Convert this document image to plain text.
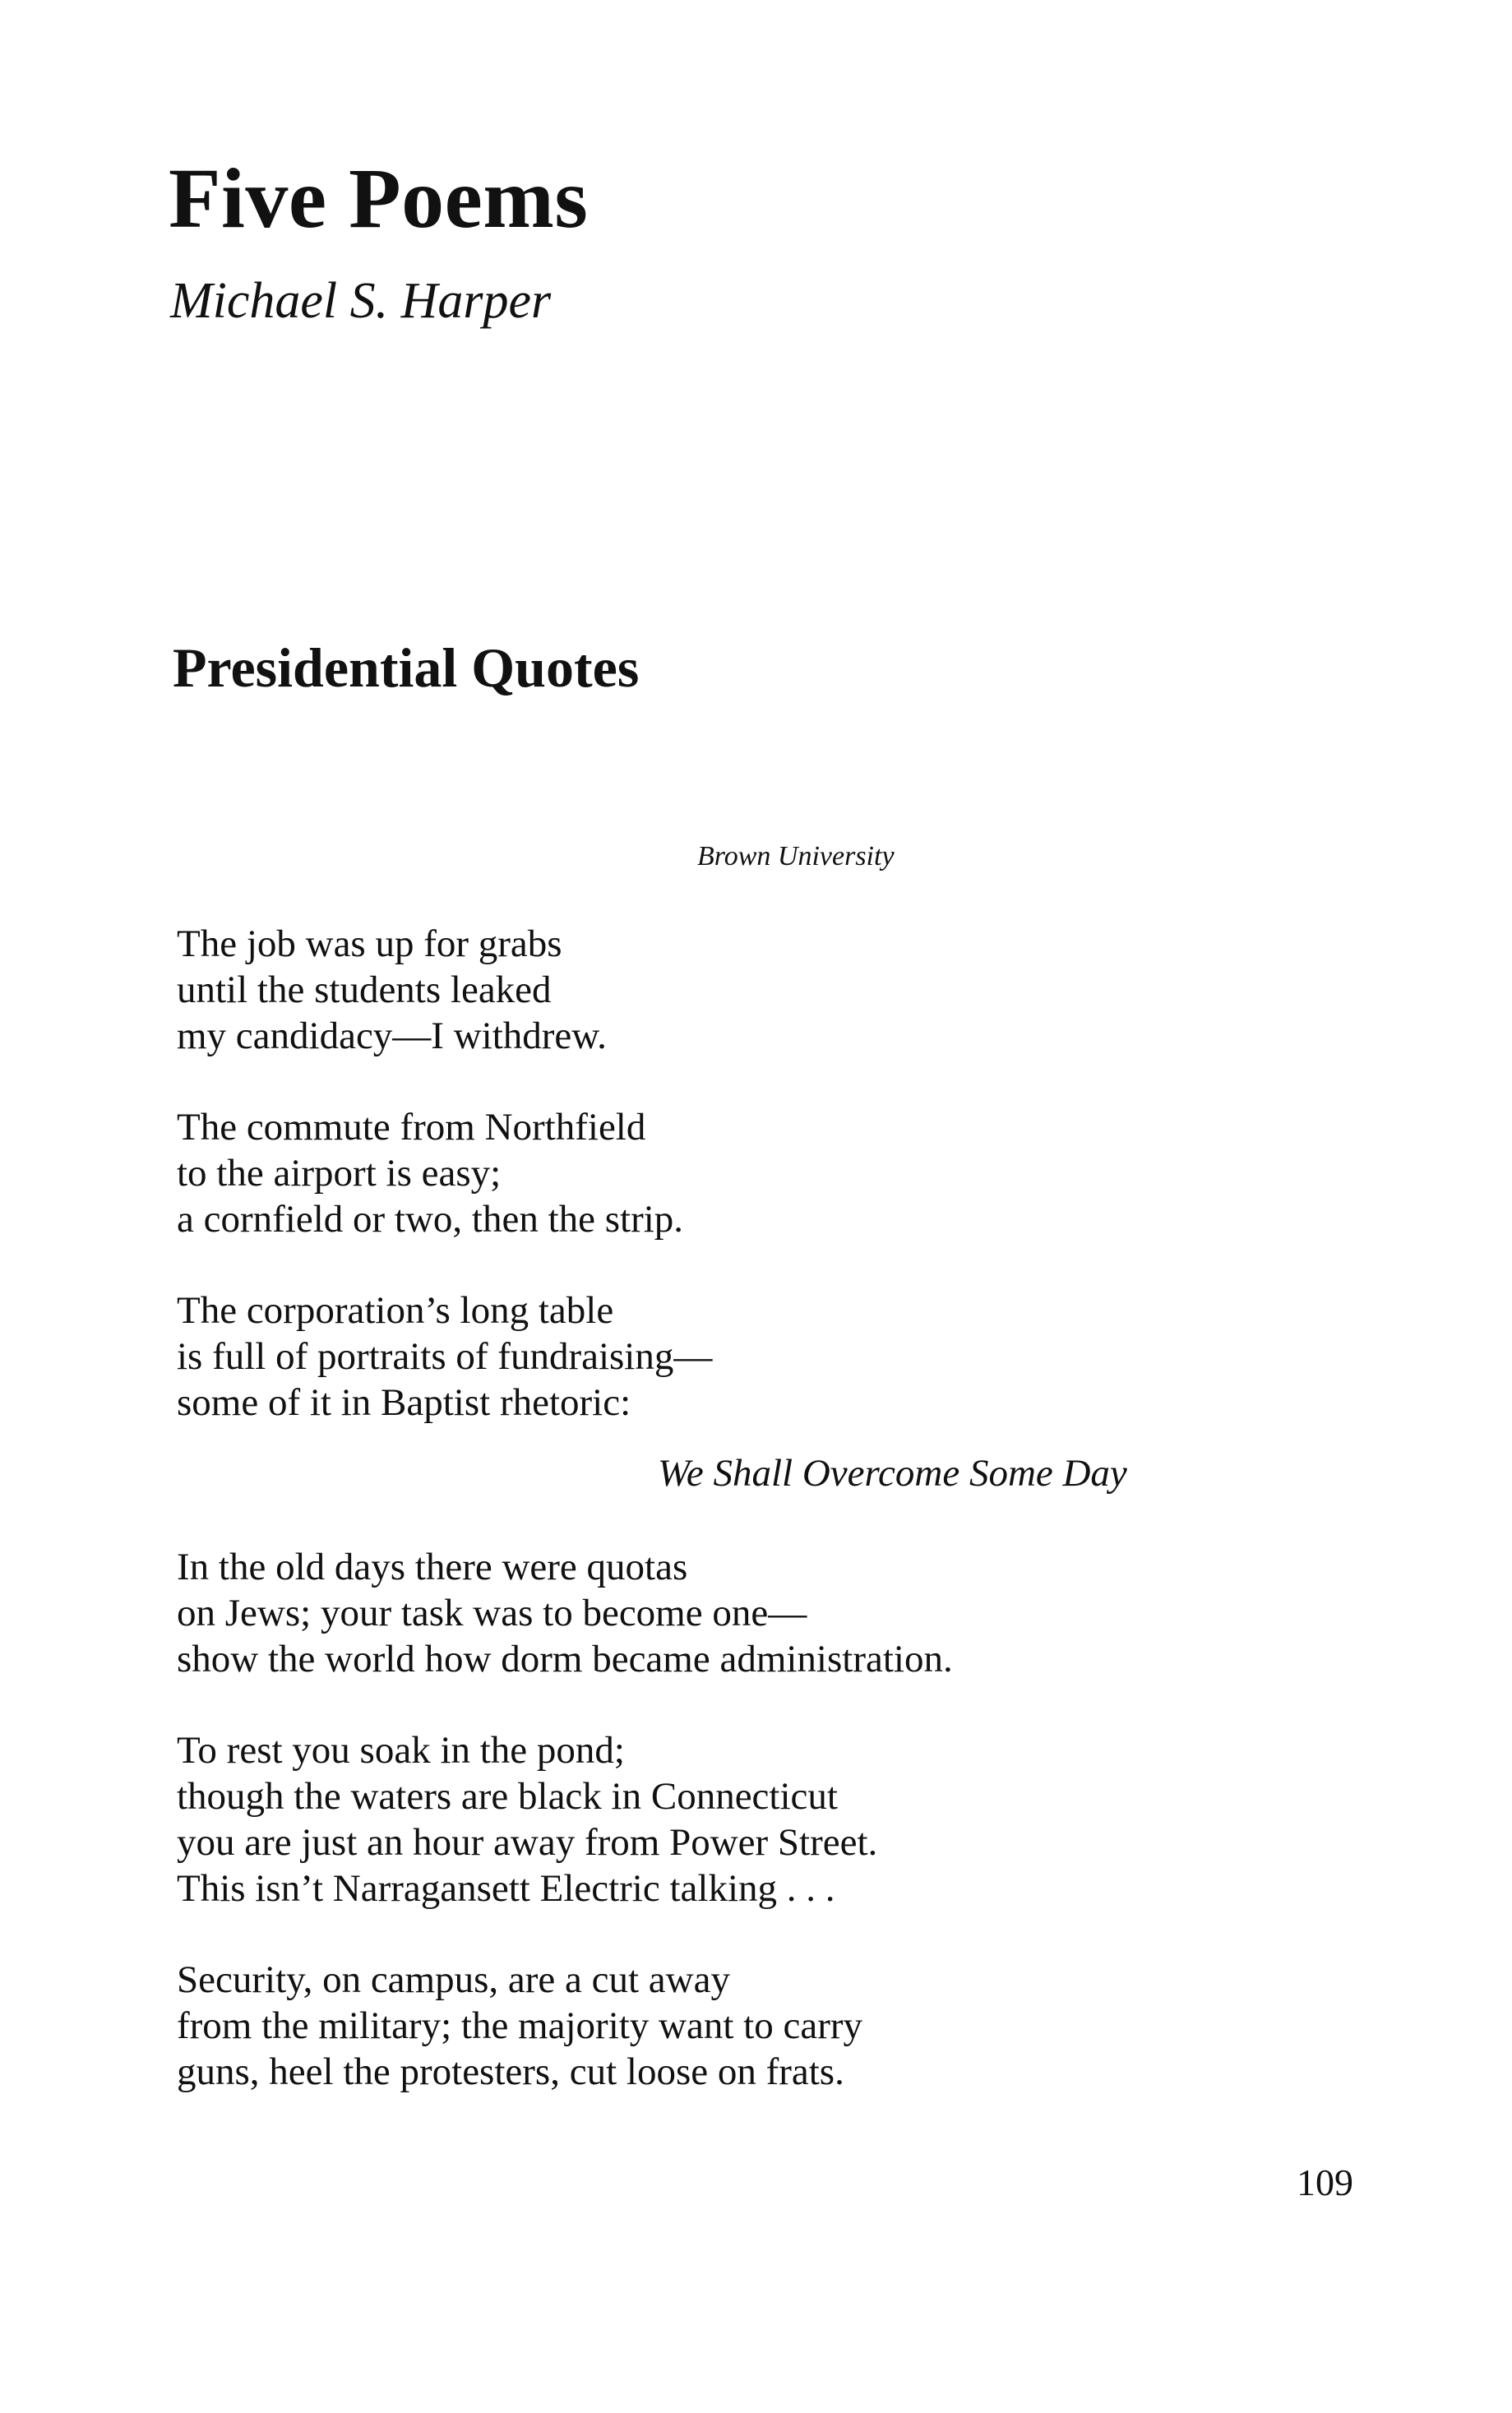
Five Poems
Michael S. Harper
Presidential Quotes
Brown University
The job was up for grabs
until the students leaked
my candidacy—I withdrew.
The commute from Northfield
to the airport is easy;
a cornfield or two, then the strip.
The corporation’s long table
is full of portraits of fundraising—
some of it in Baptist rhetoric:
We Shall Overcome Some Day
In the old days there were quotas
on Jews; your task was to become one—
show the world how dorm became administration.
To rest you soak in the pond;
though the waters are black in Connecticut
you are just an hour away from Power Street.
This isn’t Narragansett Electric talking . . .
Security, on campus, are a cut away
from the military; the majority want to carry
guns, heel the protesters, cut loose on frats.
109
